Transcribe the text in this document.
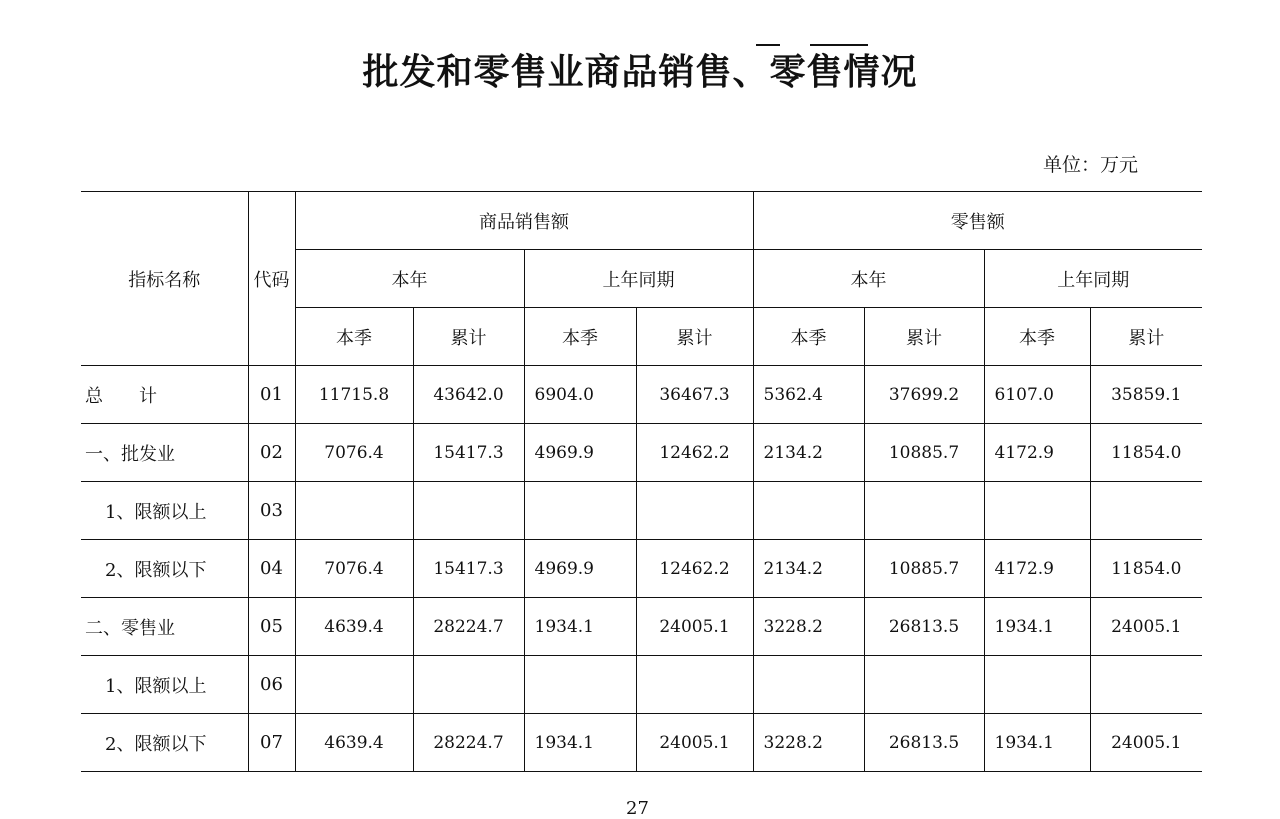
批发和零售业商品销售、零售情况
单位：万元
指标名称	代码	商品销售额				零售额			
		本年		上年同期		本年		上年同期	
		本季	累计	本季	累计	本季	累计	本季	累计
总　　计	01	11715.8	43642.0	6904.0	36467.3	5362.4	37699.2	6107.0	35859.1
一、批发业	02	7076.4	15417.3	4969.9	12462.2	2134.2	10885.7	4172.9	11854.0
1、限额以上	03								
2、限额以下	04	7076.4	15417.3	4969.9	12462.2	2134.2	10885.7	4172.9	11854.0
二、零售业	05	4639.4	28224.7	1934.1	24005.1	3228.2	26813.5	1934.1	24005.1
1、限额以上	06								
2、限额以下	07	4639.4	28224.7	1934.1	24005.1	3228.2	26813.5	1934.1	24005.1
27
